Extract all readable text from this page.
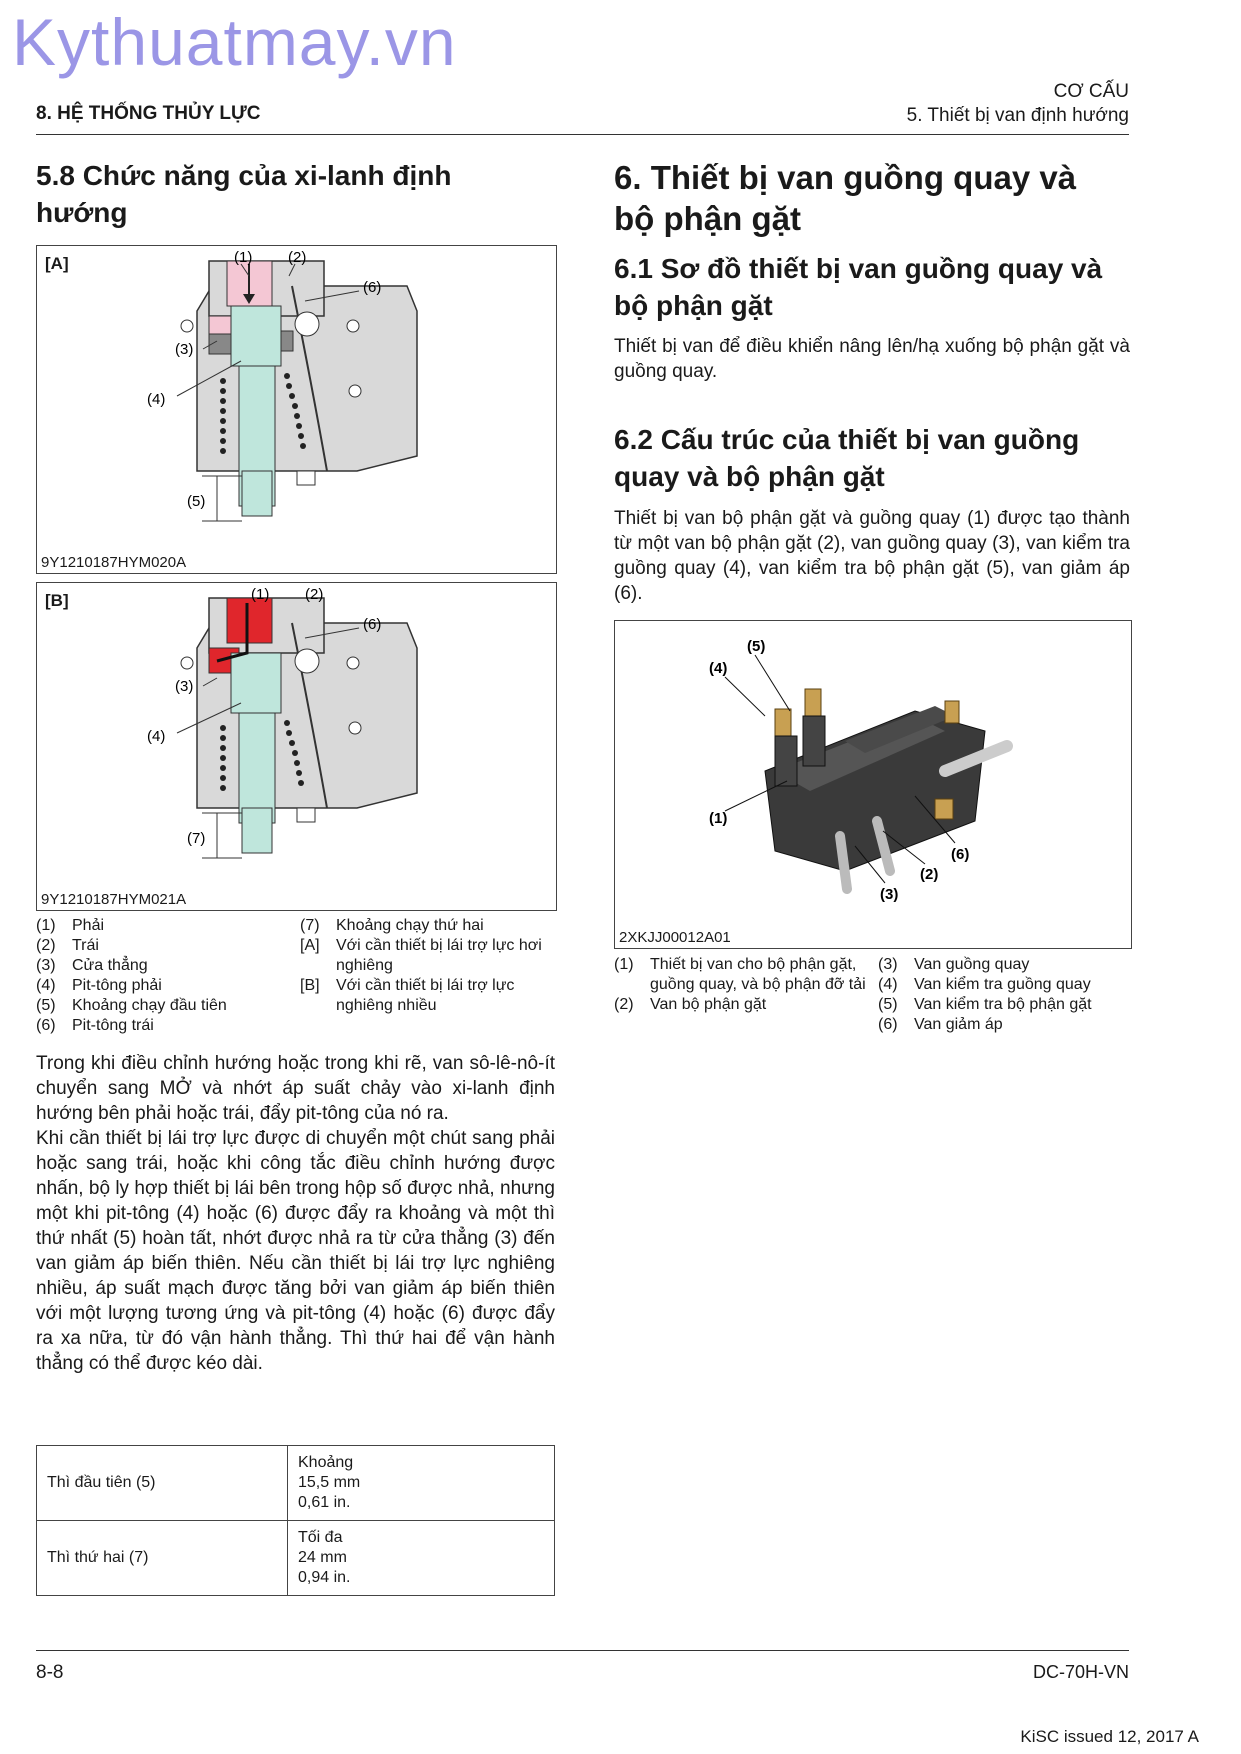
Kythuatmay.vn
8. HỆ THỐNG THỦY LỰC
CƠ CẤU
5. Thiết bị van định hướng
5.8 Chức năng của xi-lanh định hướng
[A]	(1) (2)
(6)
(3)
(4)
(5)
9Y1210187HYM020A
[B]	(1) (2)
(6)
(3)
(4)
(7)
9Y1210187HYM021A
(1)	Phải
(2)	Trái
(3)	Cửa thẳng
(4)	Pit-tông phải
(5)	Khoảng chạy đầu tiên
(6)	Pit-tông trái
(7)	Khoảng chạy thứ hai
[A]	Với cần thiết bị lái trợ lực hơi nghiêng
[B]	Với cần thiết bị lái trợ lực nghiêng nhiều

Trong khi điều chỉnh hướng hoặc trong khi rẽ, van sô-lê-nô-ít chuyển sang MỞ và nhớt áp suất chảy vào xi-lanh định hướng bên phải hoặc trái, đẩy pit-tông của nó ra.

Khi cần thiết bị lái trợ lực được di chuyển một chút sang phải hoặc sang trái, hoặc khi công tắc điều chỉnh hướng được nhấn, bộ ly hợp thiết bị lái bên trong hộp số được nhả, nhưng một khi pit-tông (4) hoặc (6) được đẩy ra khoảng và một thì thứ nhất (5) hoàn tất, nhớt được nhả ra từ cửa thẳng (3) đến van giảm áp biến thiên. Nếu cần thiết bị lái trợ lực nghiêng nhiều, áp suất mạch được tăng bởi van giảm áp biến thiên với một lượng tương ứng và pit-tông (4) hoặc (6) được đẩy ra xa nữa, từ đó vận hành thẳng. Thì thứ hai để vận hành thẳng có thể được kéo dài.

Thì đầu tiên (5)	Khoảng
15,5 mm
0,61 in.

Thì thứ hai (7)	Tối đa
24 mm
0,94 in.
6. Thiết bị van guồng quay và bộ phận gặt
6.1 Sơ đồ thiết bị van guồng quay và bộ phận gặt

Thiết bị van để điều khiển nâng lên/hạ xuống bộ phận gặt và guồng quay.

6.2 Cấu trúc của thiết bị van guồng quay và bộ phận gặt

Thiết bị van bộ phận gặt và guồng quay (1) được tạo thành từ một van bộ phận gặt (2), van guồng quay (3), van kiểm tra guồng quay (4), van kiểm tra bộ phận gặt (5), van giảm áp (6).

(5)
(4)
(1)
(6)
(2)
(3)
2XKJJ00012A01
(1)	Thiết bị van cho bộ phận gặt, guồng quay, và bộ phận đỡ tải
(2)	Van bộ phận gặt
(3)	Van guồng quay
(4)	Van kiểm tra guồng quay
(5)	Van kiểm tra bộ phận gặt
(6)	Van giảm áp
8-8	DC-70H-VN
KiSC issued 12, 2017 A
